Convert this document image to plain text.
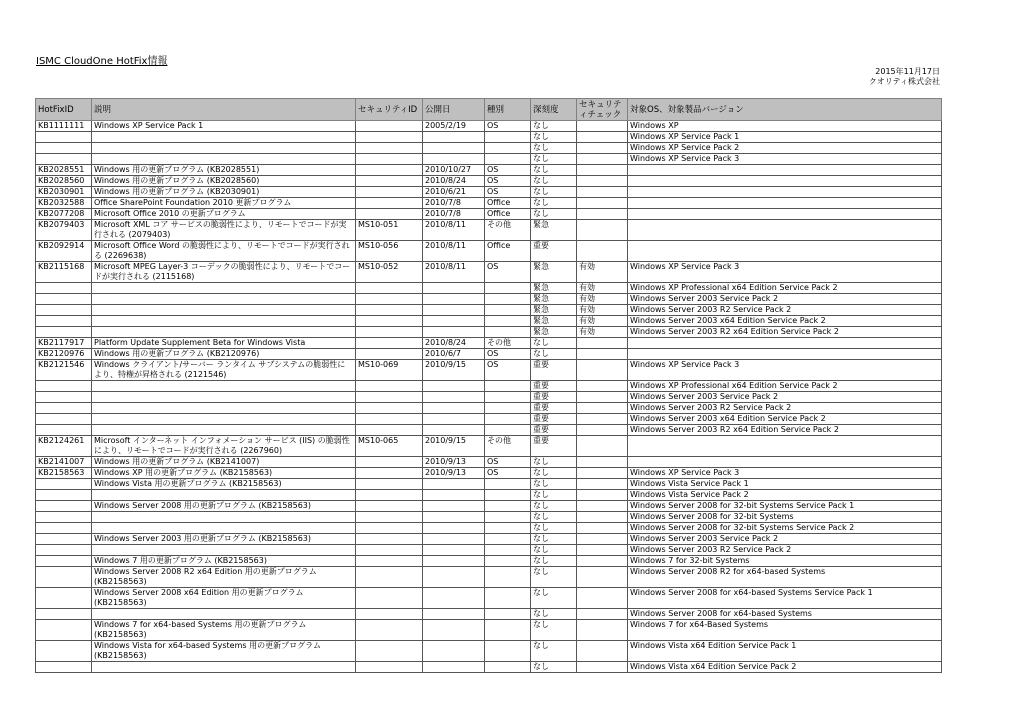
ISMC CloudOne HotFix情報
2015年11月17日
クオリティ株式会社
HotFixID	説明	セキュリティID	公開日	種別	深刻度	セキュリティチェック	対象OS、対象製品バージョン
KB1111111	Windows XP Service Pack 1		2005/2/19	OS	なし		Windows XP
					なし		Windows XP Service Pack 1
					なし		Windows XP Service Pack 2
					なし		Windows XP Service Pack 3
KB2028551	Windows 用の更新プログラム (KB2028551)		2010/10/27	OS	なし		
KB2028560	Windows 用の更新プログラム (KB2028560)		2010/8/24	OS	なし		
KB2030901	Windows 用の更新プログラム (KB2030901)		2010/6/21	OS	なし		
KB2032588	Office SharePoint Foundation 2010 更新プログラム		2010/7/8	Office	なし		
KB2077208	Microsoft Office 2010 の更新プログラム		2010/7/8	Office	なし		
KB2079403	Microsoft XML コア サービスの脆弱性により、リモートでコードが実行される (2079403)	MS10-051	2010/8/11	その他	緊急		
KB2092914	Microsoft Office Word の脆弱性により、リモートでコードが実行される (2269638)	MS10-056	2010/8/11	Office	重要		
KB2115168	Microsoft MPEG Layer-3 コーデックの脆弱性により、リモートでコードが実行される (2115168)	MS10-052	2010/8/11	OS	緊急	有効	Windows XP Service Pack 3
					緊急	有効	Windows XP Professional x64 Edition Service Pack 2
					緊急	有効	Windows Server 2003 Service Pack 2
					緊急	有効	Windows Server 2003 R2 Service Pack 2
					緊急	有効	Windows Server 2003 x64 Edition Service Pack 2
					緊急	有効	Windows Server 2003 R2 x64 Edition Service Pack 2
KB2117917	Platform Update Supplement Beta for Windows Vista		2010/8/24	その他	なし		
KB2120976	Windows 用の更新プログラム (KB2120976)		2010/6/7	OS	なし		
KB2121546	Windows クライアント/サーバー ランタイム サブシステムの脆弱性により、特権が昇格される (2121546)	MS10-069	2010/9/15	OS	重要		Windows XP Service Pack 3
					重要		Windows XP Professional x64 Edition Service Pack 2
					重要		Windows Server 2003 Service Pack 2
					重要		Windows Server 2003 R2 Service Pack 2
					重要		Windows Server 2003 x64 Edition Service Pack 2
					重要		Windows Server 2003 R2 x64 Edition Service Pack 2
KB2124261	Microsoft インターネット インフォメーション サービス (IIS) の脆弱性により、リモートでコードが実行される (2267960)	MS10-065	2010/9/15	その他	重要		
KB2141007	Windows 用の更新プログラム (KB2141007)		2010/9/13	OS	なし		
KB2158563	Windows XP 用の更新プログラム (KB2158563)		2010/9/13	OS	なし		Windows XP Service Pack 3
	Windows Vista 用の更新プログラム (KB2158563)				なし		Windows Vista Service Pack 1
					なし		Windows Vista Service Pack 2
	Windows Server 2008 用の更新プログラム (KB2158563)				なし		Windows Server 2008 for 32-bit Systems Service Pack 1
					なし		Windows Server 2008 for 32-bit Systems
					なし		Windows Server 2008 for 32-bit Systems Service Pack 2
	Windows Server 2003 用の更新プログラム (KB2158563)				なし		Windows Server 2003 Service Pack 2
					なし		Windows Server 2003 R2 Service Pack 2
	Windows 7 用の更新プログラム (KB2158563)				なし		Windows 7 for 32-bit Systems
	Windows Server 2008 R2 x64 Edition 用の更新プログラム (KB2158563)				なし		Windows Server 2008 R2 for x64-based Systems
	Windows Server 2008 x64 Edition 用の更新プログラム (KB2158563)				なし		Windows Server 2008 for x64-based Systems Service Pack 1
					なし		Windows Server 2008 for x64-based Systems
	Windows 7 for x64-based Systems 用の更新プログラム (KB2158563)				なし		Windows 7 for x64-Based Systems
	Windows Vista for x64-based Systems 用の更新プログラム (KB2158563)				なし		Windows Vista x64 Edition Service Pack 1
					なし		Windows Vista x64 Edition Service Pack 2
